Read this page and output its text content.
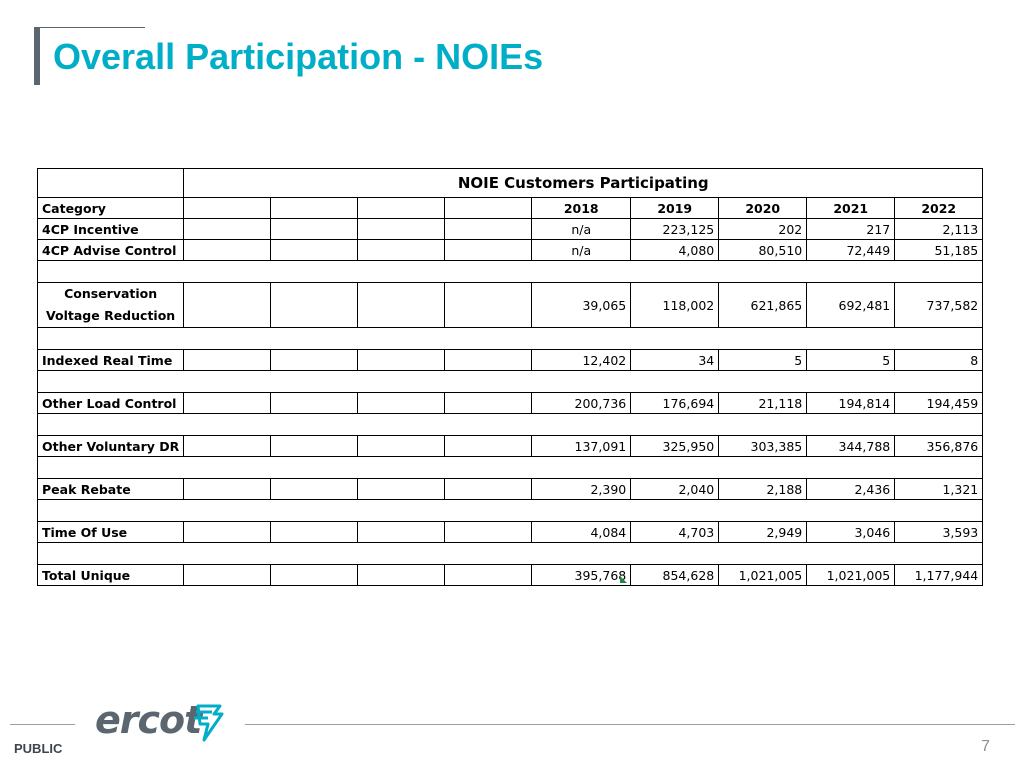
Overall Participation - NOIEs
	NOIE Customers Participating								
Category					2018	2019	2020	2021	2022
4CP Incentive					n/a	223,125	202	217	2,113
4CP Advise Control					n/a	4,080	80,510	72,449	51,185

Conservation
Voltage Reduction					39,065	118,002	621,865	692,481	737,582

Indexed Real Time					12,402	34	5	5	8

Other Load Control					200,736	176,694	21,118	194,814	194,459

Other Voluntary DR					137,091	325,950	303,385	344,788	356,876

Peak Rebate					2,390	2,040	2,188	2,436	1,321

Time Of Use					4,084	4,703	2,949	3,046	3,593

Total Unique					395,768	854,628	1,021,005	1,021,005	1,177,944
ercot
PUBLIC	7
